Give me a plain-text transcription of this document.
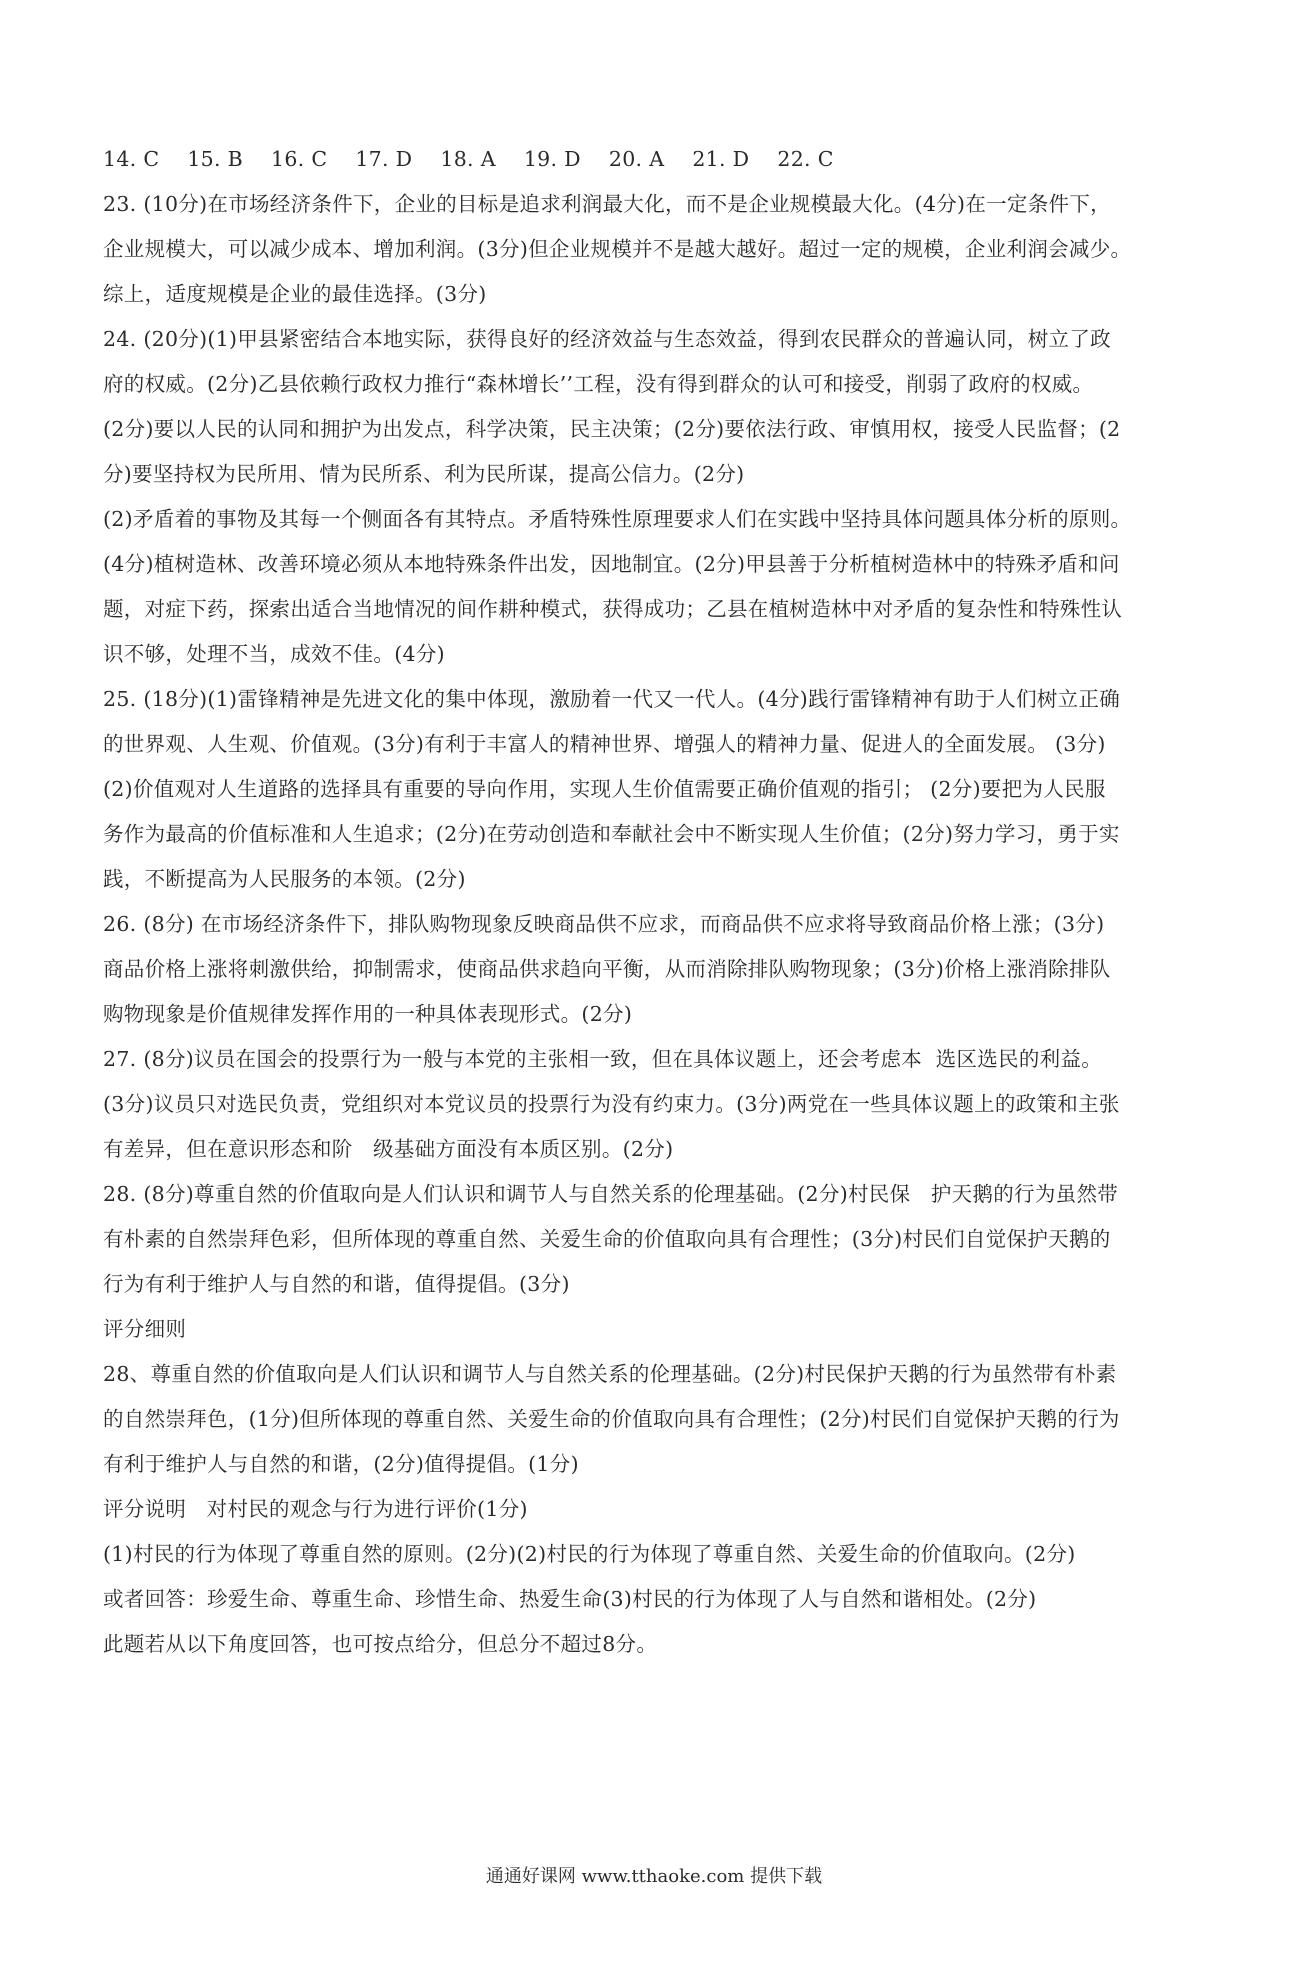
14. C 15. B 16. C 17. D 18. A 19. D 20. A 21. D 22. C
23. (10分)在市场经济条件下，企业的目标是追求利润最大化，而不是企业规模最大化。(4分)在一定条件下，
企业规模大，可以减少成本、增加利润。(3分)但企业规模并不是越大越好。超过一定的规模，企业利润会减少。
综上，适度规模是企业的最佳选择。(3分)
24. (20分)(1)甲县紧密结合本地实际，获得良好的经济效益与生态效益，得到农民群众的普遍认同，树立了政
府的权威。(2分)乙县依赖行政权力推行“森林增长’’工程，没有得到群众的认可和接受，削弱了政府的权威。
(2分)要以人民的认同和拥护为出发点，科学决策，民主决策；(2分)要依法行政、审慎用权，接受人民监督；(2
分)要坚持权为民所用、情为民所系、利为民所谋，提高公信力。(2分)
(2)矛盾着的事物及其每一个侧面各有其特点。矛盾特殊性原理要求人们在实践中坚持具体问题具体分析的原则。
(4分)植树造林、改善环境必须从本地特殊条件出发，因地制宜。(2分)甲县善于分析植树造林中的特殊矛盾和问
题，对症下药，探索出适合当地情况的间作耕种模式，获得成功；乙县在植树造林中对矛盾的复杂性和特殊性认
识不够，处理不当，成效不佳。(4分)
25. (18分)(1)雷锋精神是先进文化的集中体现，激励着一代又一代人。(4分)践行雷锋精神有助于人们树立正确
的世界观、人生观、价值观。(3分)有利于丰富人的精神世界、增强人的精神力量、促进人的全面发展。 (3分)
(2)价值观对人生道路的选择具有重要的导向作用，实现人生价值需要正确价值观的指引； (2分)要把为人民服
务作为最高的价值标准和人生追求；(2分)在劳动创造和奉献社会中不断实现人生价值；(2分)努力学习，勇于实
践，不断提高为人民服务的本领。(2分)
26. (8分) 在市场经济条件下，排队购物现象反映商品供不应求，而商品供不应求将导致商品价格上涨；(3分)
商品价格上涨将刺激供给，抑制需求，使商品供求趋向平衡，从而消除排队购物现象；(3分)价格上涨消除排队
购物现象是价值规律发挥作用的一种具体表现形式。(2分)
27. (8分)议员在国会的投票行为一般与本党的主张相一致，但在具体议题上，还会考虑本  选区选民的利益。
(3分)议员只对选民负责，党组织对本党议员的投票行为没有约束力。(3分)两党在一些具体议题上的政策和主张
有差异，但在意识形态和阶   级基础方面没有本质区别。(2分)
28. (8分)尊重自然的价值取向是人们认识和调节人与自然关系的伦理基础。(2分)村民保   护天鹅的行为虽然带
有朴素的自然崇拜色彩，但所体现的尊重自然、关爱生命的价值取向具有合理性；(3分)村民们自觉保护天鹅的
行为有利于维护人与自然的和谐，值得提倡。(3分)
评分细则
28、尊重自然的价值取向是人们认识和调节人与自然关系的伦理基础。(2分)村民保护天鹅的行为虽然带有朴素
的自然崇拜色，(1分)但所体现的尊重自然、关爱生命的价值取向具有合理性；(2分)村民们自觉保护天鹅的行为
有利于维护人与自然的和谐，(2分)值得提倡。(1分)
评分说明   对村民的观念与行为进行评价(1分)
(1)村民的行为体现了尊重自然的原则。(2分)(2)村民的行为体现了尊重自然、关爱生命的价值取向。(2分)
或者回答：珍爱生命、尊重生命、珍惜生命、热爱生命(3)村民的行为体现了人与自然和谐相处。(2分)
此题若从以下角度回答，也可按点给分，但总分不超过8分。
通通好课网 www.tthaoke.com 提供下载
